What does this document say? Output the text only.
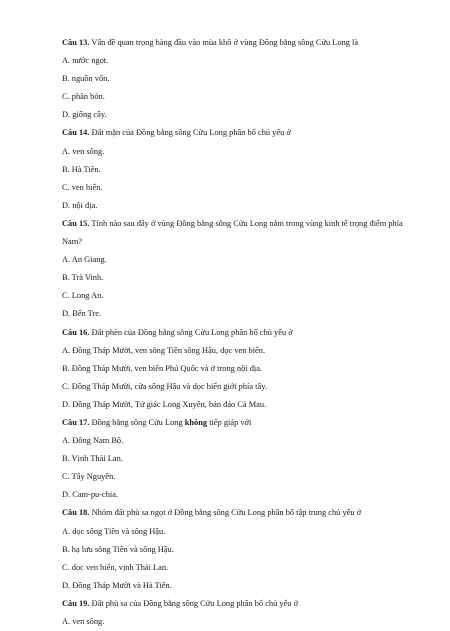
Câu 13. Vấn đề quan trọng hàng đầu vào mùa khô ở vùng Đồng bằng sông Cửu Long là
A. nước ngọt.
B. nguồn vốn.
C. phân bón.
D. giống cây.
Câu 14. Đất mặn của Đồng bằng sông Cửu Long phân bố chủ yếu ở
A. ven sông.
B. Hà Tiên.
C. ven biển.
D. nội địa.
Câu 15. Tỉnh nào sau đây ở vùng Đồng bằng sông Cửu Long nằm trong vùng kinh tế trọng điểm phía Nam?
A. An Giang.
B. Trà Vinh.
C. Long An.
D. Bến Tre.
Câu 16. Đất phèn của Đồng bằng sông Cửu Long phân bố chủ yếu ở
A. Đồng Tháp Mười, ven sông Tiền sông Hậu, dọc ven biển.
B. Đồng Tháp Mười, ven biển Phú Quốc và ở trong nội địa.
C. Đồng Tháp Mười, cửa sông Hậu và dọc biển giới phía tây.
D. Đồng Tháp Mười, Tứ giác Long Xuyên, bán đảo Cà Mau.
Câu 17. Đồng bằng sông Cửu Long không tiếp giáp với
A. Đông Nam Bộ.
B. Vịnh Thái Lan.
C. Tây Nguyên.
D. Cam-pu-chia.
Câu 18. Nhóm đất phù sa ngọt ở Đồng bằng sông Cửu Long phân bố tập trung chủ yếu ở
A. dọc sông Tiền và sông Hậu.
B. hạ lưu sông Tiền và sông Hậu.
C. dọc ven biển, vịnh Thái Lan.
D. Đồng Tháp Mười và Hà Tiên.
Câu 19. Đất phù sa của Đồng bằng sông Cửu Long phân bố chủ yếu ở
A. ven sông.
